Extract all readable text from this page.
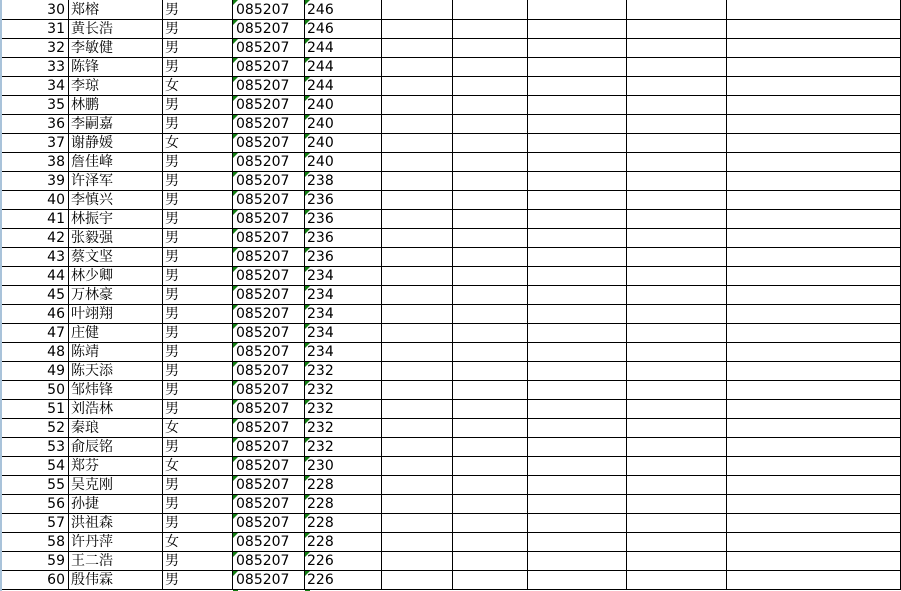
30 郑榕	男	085207 246
31 黄长浩	男	085207 246
32 李敏健	男	085207 244
33 陈锋	男	085207 244
34 李琼	女	085207 244
35 林鹏	男	085207 240
36 李嗣嘉	男	085207 240
37 谢静媛	女	085207 240
38 詹佳峰	男	085207 240
39 许泽军	男	085207 238
40 李慎兴	男	085207 236
41 林振宇	男	085207 236
42 张毅强	男	085207 236
43 蔡文坚	男	085207 236
44 林少卿	男	085207 234
45 万林豪	男	085207 234
46 叶翊翔	男	085207 234
47 庄健	男	085207 234
48 陈靖	男	085207 234
49 陈天添	男	085207 232
50 邹炜锋	男	085207 232
51 刘浩林	男	085207 232
52 秦琅	女	085207 232
53 俞辰铭	男	085207 232
54 郑芬	女	085207 230
55 吴克刚	男	085207 228
56 孙捷	男	085207 228
57 洪祖森	男	085207 228
58 许丹萍	女	085207 228
59 王二浩	男	085207 226
60 殷伟霖	男	085207 226
